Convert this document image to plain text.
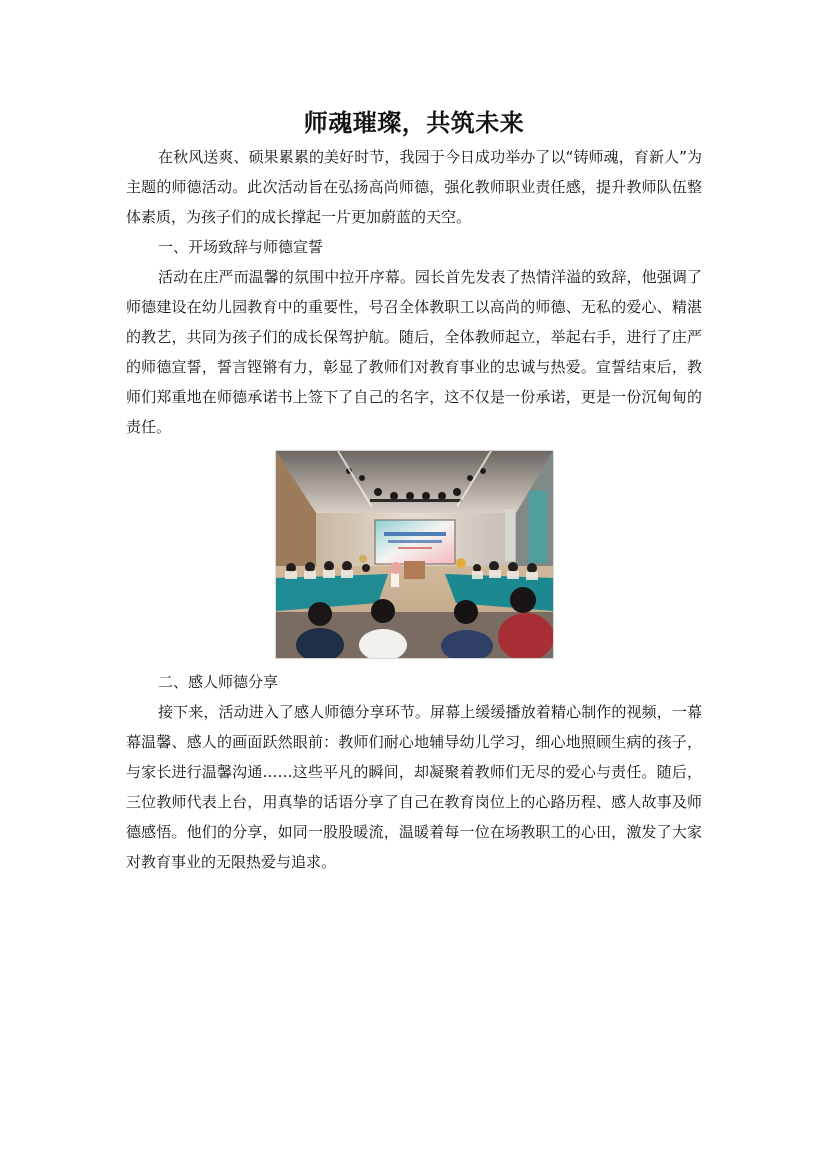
师魂璀璨，共筑未来

在秋风送爽、硕果累累的美好时节，我园于今日成功举办了以“铸师魂，育新人”为主题的师德活动。此次活动旨在弘扬高尚师德，强化教师职业责任感，提升教师队伍整体素质，为孩子们的成长撑起一片更加蔚蓝的天空。

一、开场致辞与师德宣誓

活动在庄严而温馨的氛围中拉开序幕。园长首先发表了热情洋溢的致辞，他强调了师德建设在幼儿园教育中的重要性，号召全体教职工以高尚的师德、无私的爱心、精湛的教艺，共同为孩子们的成长保驾护航。随后，全体教师起立，举起右手，进行了庄严的师德宣誓，誓言铿锵有力，彰显了教师们对教育事业的忠诚与热爱。宣誓结束后，教师们郑重地在师德承诺书上签下了自己的名字，这不仅是一份承诺，更是一份沉甸甸的责任。

二、感人师德分享

接下来，活动进入了感人师德分享环节。屏幕上缓缓播放着精心制作的视频，一幕幕温馨、感人的画面跃然眼前：教师们耐心地辅导幼儿学习，细心地照顾生病的孩子，与家长进行温馨沟通……这些平凡的瞬间，却凝聚着教师们无尽的爱心与责任。随后，三位教师代表上台，用真挚的话语分享了自己在教育岗位上的心路历程、感人故事及师德感悟。他们的分享，如同一股股暖流，温暖着每一位在场教职工的心田，激发了大家对教育事业的无限热爱与追求。
